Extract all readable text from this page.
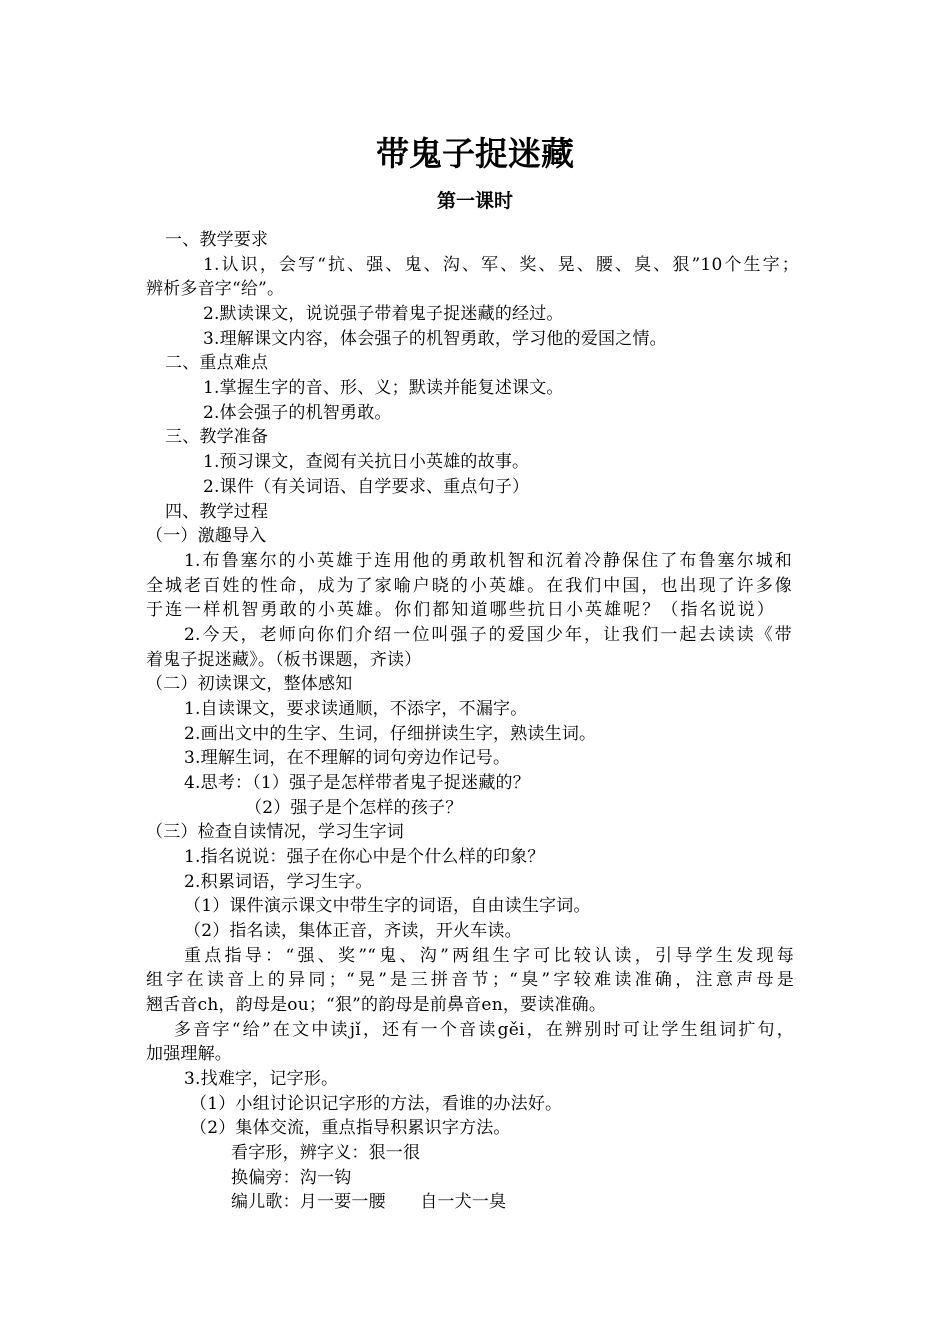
带鬼子捉迷藏
第一课时
一、教学要求
1.认识，会写“抗、强、鬼、沟、军、奖、晃、腰、臭、狠”10个生字；
辨析多音字“给”。
2.默读课文，说说强子带着鬼子捉迷藏的经过。
3.理解课文内容，体会强子的机智勇敢，学习他的爱国之情。
二、重点难点
1.掌握生字的音、形、义；默读并能复述课文。
2.体会强子的机智勇敢。
三、教学准备
1.预习课文，查阅有关抗日小英雄的故事。
2.课件（有关词语、自学要求、重点句子）
四、教学过程
（一）激趣导入
1.布鲁塞尔的小英雄于连用他的勇敢机智和沉着冷静保住了布鲁塞尔城和
全城老百姓的性命，成为了家喻户晓的小英雄。在我们中国，也出现了许多像
于连一样机智勇敢的小英雄。你们都知道哪些抗日小英雄呢？（指名说说）
2.今天，老师向你们介绍一位叫强子的爱国少年，让我们一起去读读《带
着鬼子捉迷藏》。（板书课题，齐读）
（二）初读课文，整体感知
1.自读课文，要求读通顺，不添字，不漏字。
2.画出文中的生字、生词，仔细拼读生字，熟读生词。
3.理解生词，在不理解的词句旁边作记号。
4.思考：（1）强子是怎样带者鬼子捉迷藏的？
（2）强子是个怎样的孩子？
（三）检查自读情况，学习生字词
1.指名说说：强子在你心中是个什么样的印象？
2.积累词语，学习生字。
（1）课件演示课文中带生字的词语，自由读生字词。
（2）指名读，集体正音，齐读，开火车读。
重点指导：“强、奖”“鬼、沟”两组生字可比较认读，引导学生发现每
组字在读音上的异同；“晃”是三拼音节；“臭”字较难读准确，注意声母是
翘舌音ch，韵母是ou；“狠”的韵母是前鼻音en，要读准确。
多音字“给”在文中读jǐ，还有一个音读gěi，在辨别时可让学生组词扩句，
加强理解。
3.找难字，记字形。
（1）小组讨论识记字形的方法，看谁的办法好。
（2）集体交流，重点指导积累识字方法。
看字形，辨字义：狠一很
换偏旁：沟一钩
编儿歌：月一要一腰　　自一犬一臭
